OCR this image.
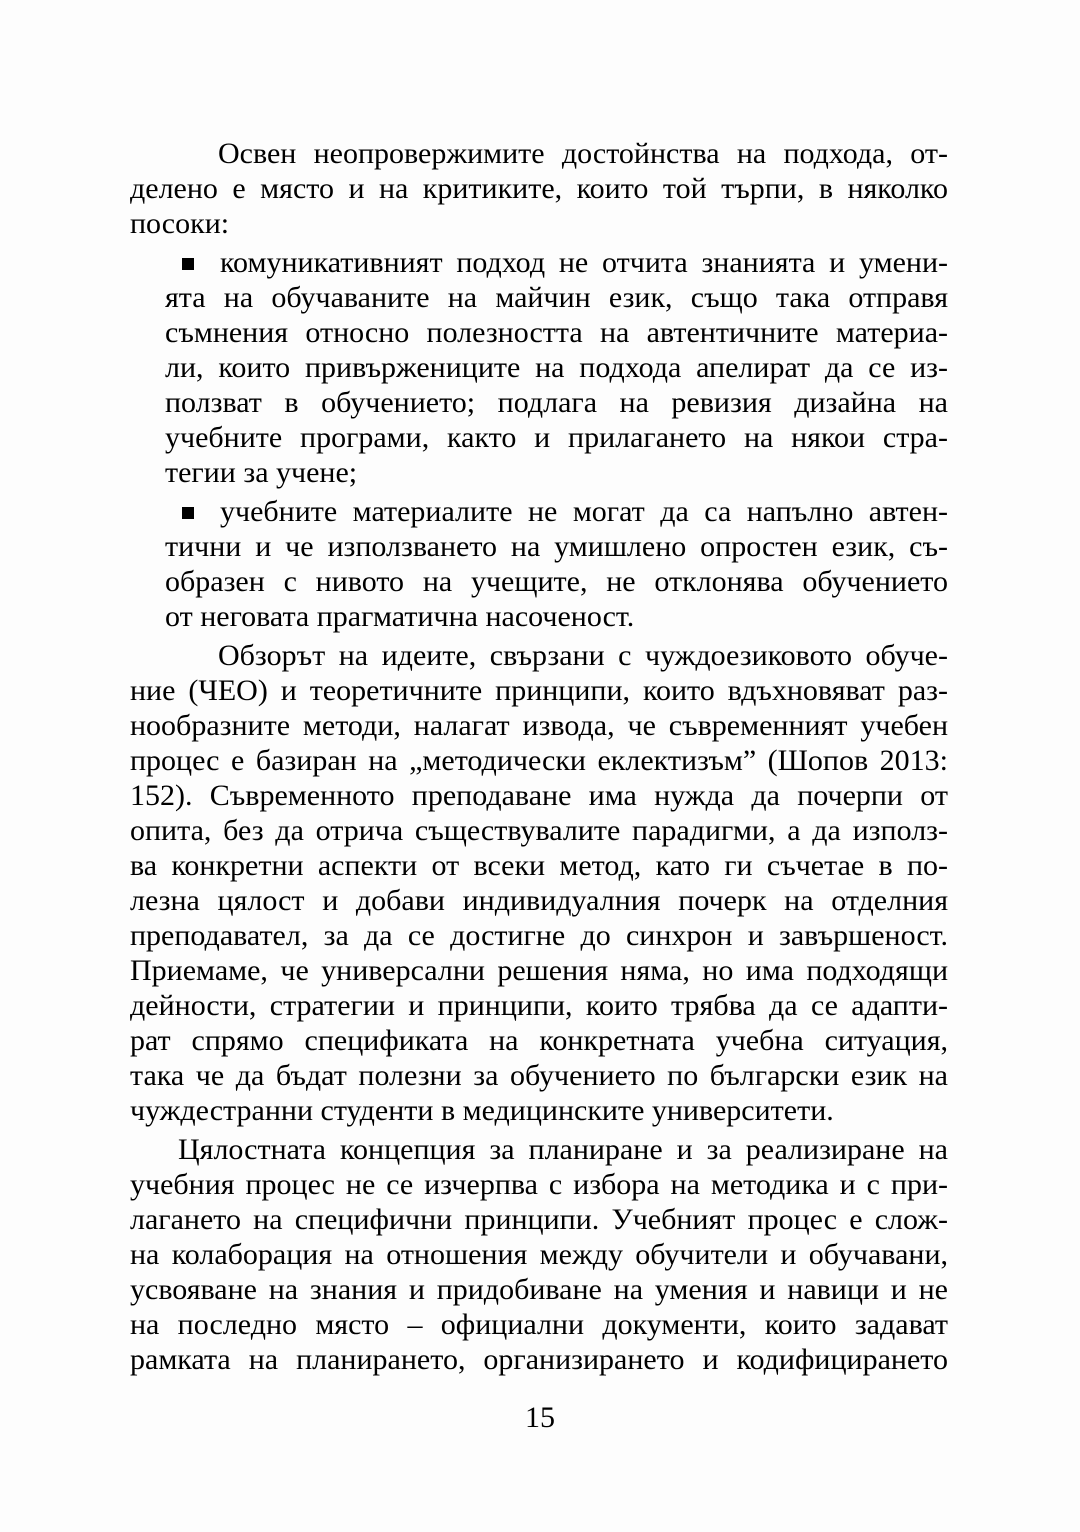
Освен неопровержимите достойнства на подхода, от-
делено е място и на критиките, които той търпи, в няколко
посоки:
комуникативният подход не отчита знанията и умени-
ята на обучаваните на майчин език, също така отправя
съмнения относно полезността на автентичните материа-
ли, които привържениците на подхода апелират да се из-
ползват в обучението; подлага на ревизия дизайна на
учебните програми, както и прилагането на някои стра-
тегии за учене;
учебните материалите не могат да са напълно автен-
тични и че използването на умишлено опростен език, съ-
образен с нивото на учещите, не отклонява обучението
от неговата прагматична насоченост.
Обзорът на идеите, свързани с чуждоезиковото обуче-
ние (ЧЕО) и теоретичните принципи, които вдъхновяват раз-
нообразните методи, налагат извода, че съвременният учебен
процес е базиран на „методически еклектизъм” (Шопов 2013:
152). Съвременното преподаване има нужда да почерпи от
опита, без да отрича съществувалите парадигми, а да използ-
ва конкретни аспекти от всеки метод, като ги съчетае в по-
лезна цялост и добави индивидуалния почерк на отделния
преподавател, за да се достигне до синхрон и завършеност.
Приемаме, че универсални решения няма, но има подходящи
дейности, стратегии и принципи, които трябва да се адапти-
рат спрямо спецификата на конкретната учебна ситуация,
така че да бъдат полезни за обучението по български език на
чуждестранни студенти в медицинските университети.
Цялостната концепция за планиране и за реализиране на
учебния процес не се изчерпва с избора на методика и с при-
лагането на специфични принципи. Учебният процес е слож-
на колаборация на отношения между обучители и обучавани,
усвояване на знания и придобиване на умения и навици и не
на последно място – официални документи, които задават
рамката на планирането, организирането и кодифицирането
15
